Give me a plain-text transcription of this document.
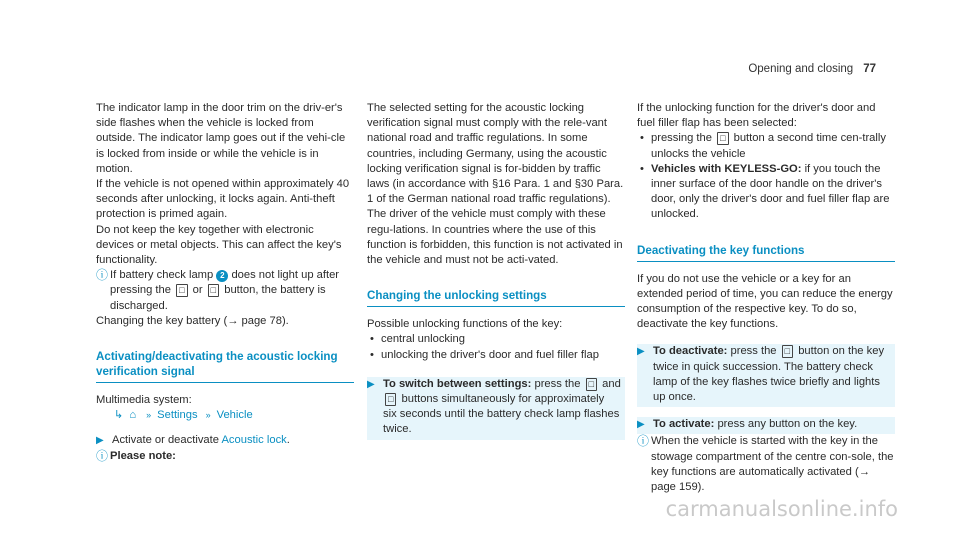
Opening and closing 77

The indicator lamp in the door trim on the driv-er's side flashes when the vehicle is locked from outside. The indicator lamp goes out if the vehi-cle is locked from inside or while the vehicle is in motion.

If the vehicle is not opened within approximately 40 seconds after unlocking, it locks again. Anti-theft protection is primed again.

Do not keep the key together with electronic devices or metal objects. This can affect the key's functionality.

ⓘ If battery check lamp 2 does not light up after pressing the □ or □ button, the battery is discharged.

Changing the key battery (→ page 78).

Activating/deactivating the acoustic locking verification signal

Multimedia system:

↳ ⌂ » Settings » Vehicle
▶ Activate or deactivate Acoustic lock.

ⓘ Please note:

The selected setting for the acoustic locking verification signal must comply with the rele-vant national road and traffic regulations. In some countries, including Germany, using the acoustic locking verification signal is for-bidden by traffic laws (in accordance with §16 Para. 1 and §30 Para. 1 of the German national road traffic regulations). The driver of the vehicle must comply with these regu-lations. In countries where the use of this function is forbidden, this function is not activated in the vehicle and must not be acti-vated.

Changing the unlocking settings

Possible unlocking functions of the key:

• central unlocking
• unlocking the driver's door and fuel filler flap
▶ To switch between settings: press the □ and □ buttons simultaneously for approximately six seconds until the battery check lamp flashes twice.

If the unlocking function for the driver's door and fuel filler flap has been selected:

• pressing the □ button a second time cen-trally unlocks the vehicle
• Vehicles with KEYLESS-GO: if you touch the inner surface of the door handle on the driver's door, only the driver's door and fuel filler flap are unlocked.
Deactivating the key functions

If you do not use the vehicle or a key for an extended period of time, you can reduce the energy consumption of the respective key. To do so, deactivate the key functions.

▶ To deactivate: press the □ button on the key twice in quick succession. The battery check lamp of the key flashes twice briefly and lights up once.

▶ To activate: press any button on the key.

ⓘ When the vehicle is started with the key in the stowage compartment of the centre con-sole, the key functions are automatically activated (→ page 159).

carmanualsonline.info
